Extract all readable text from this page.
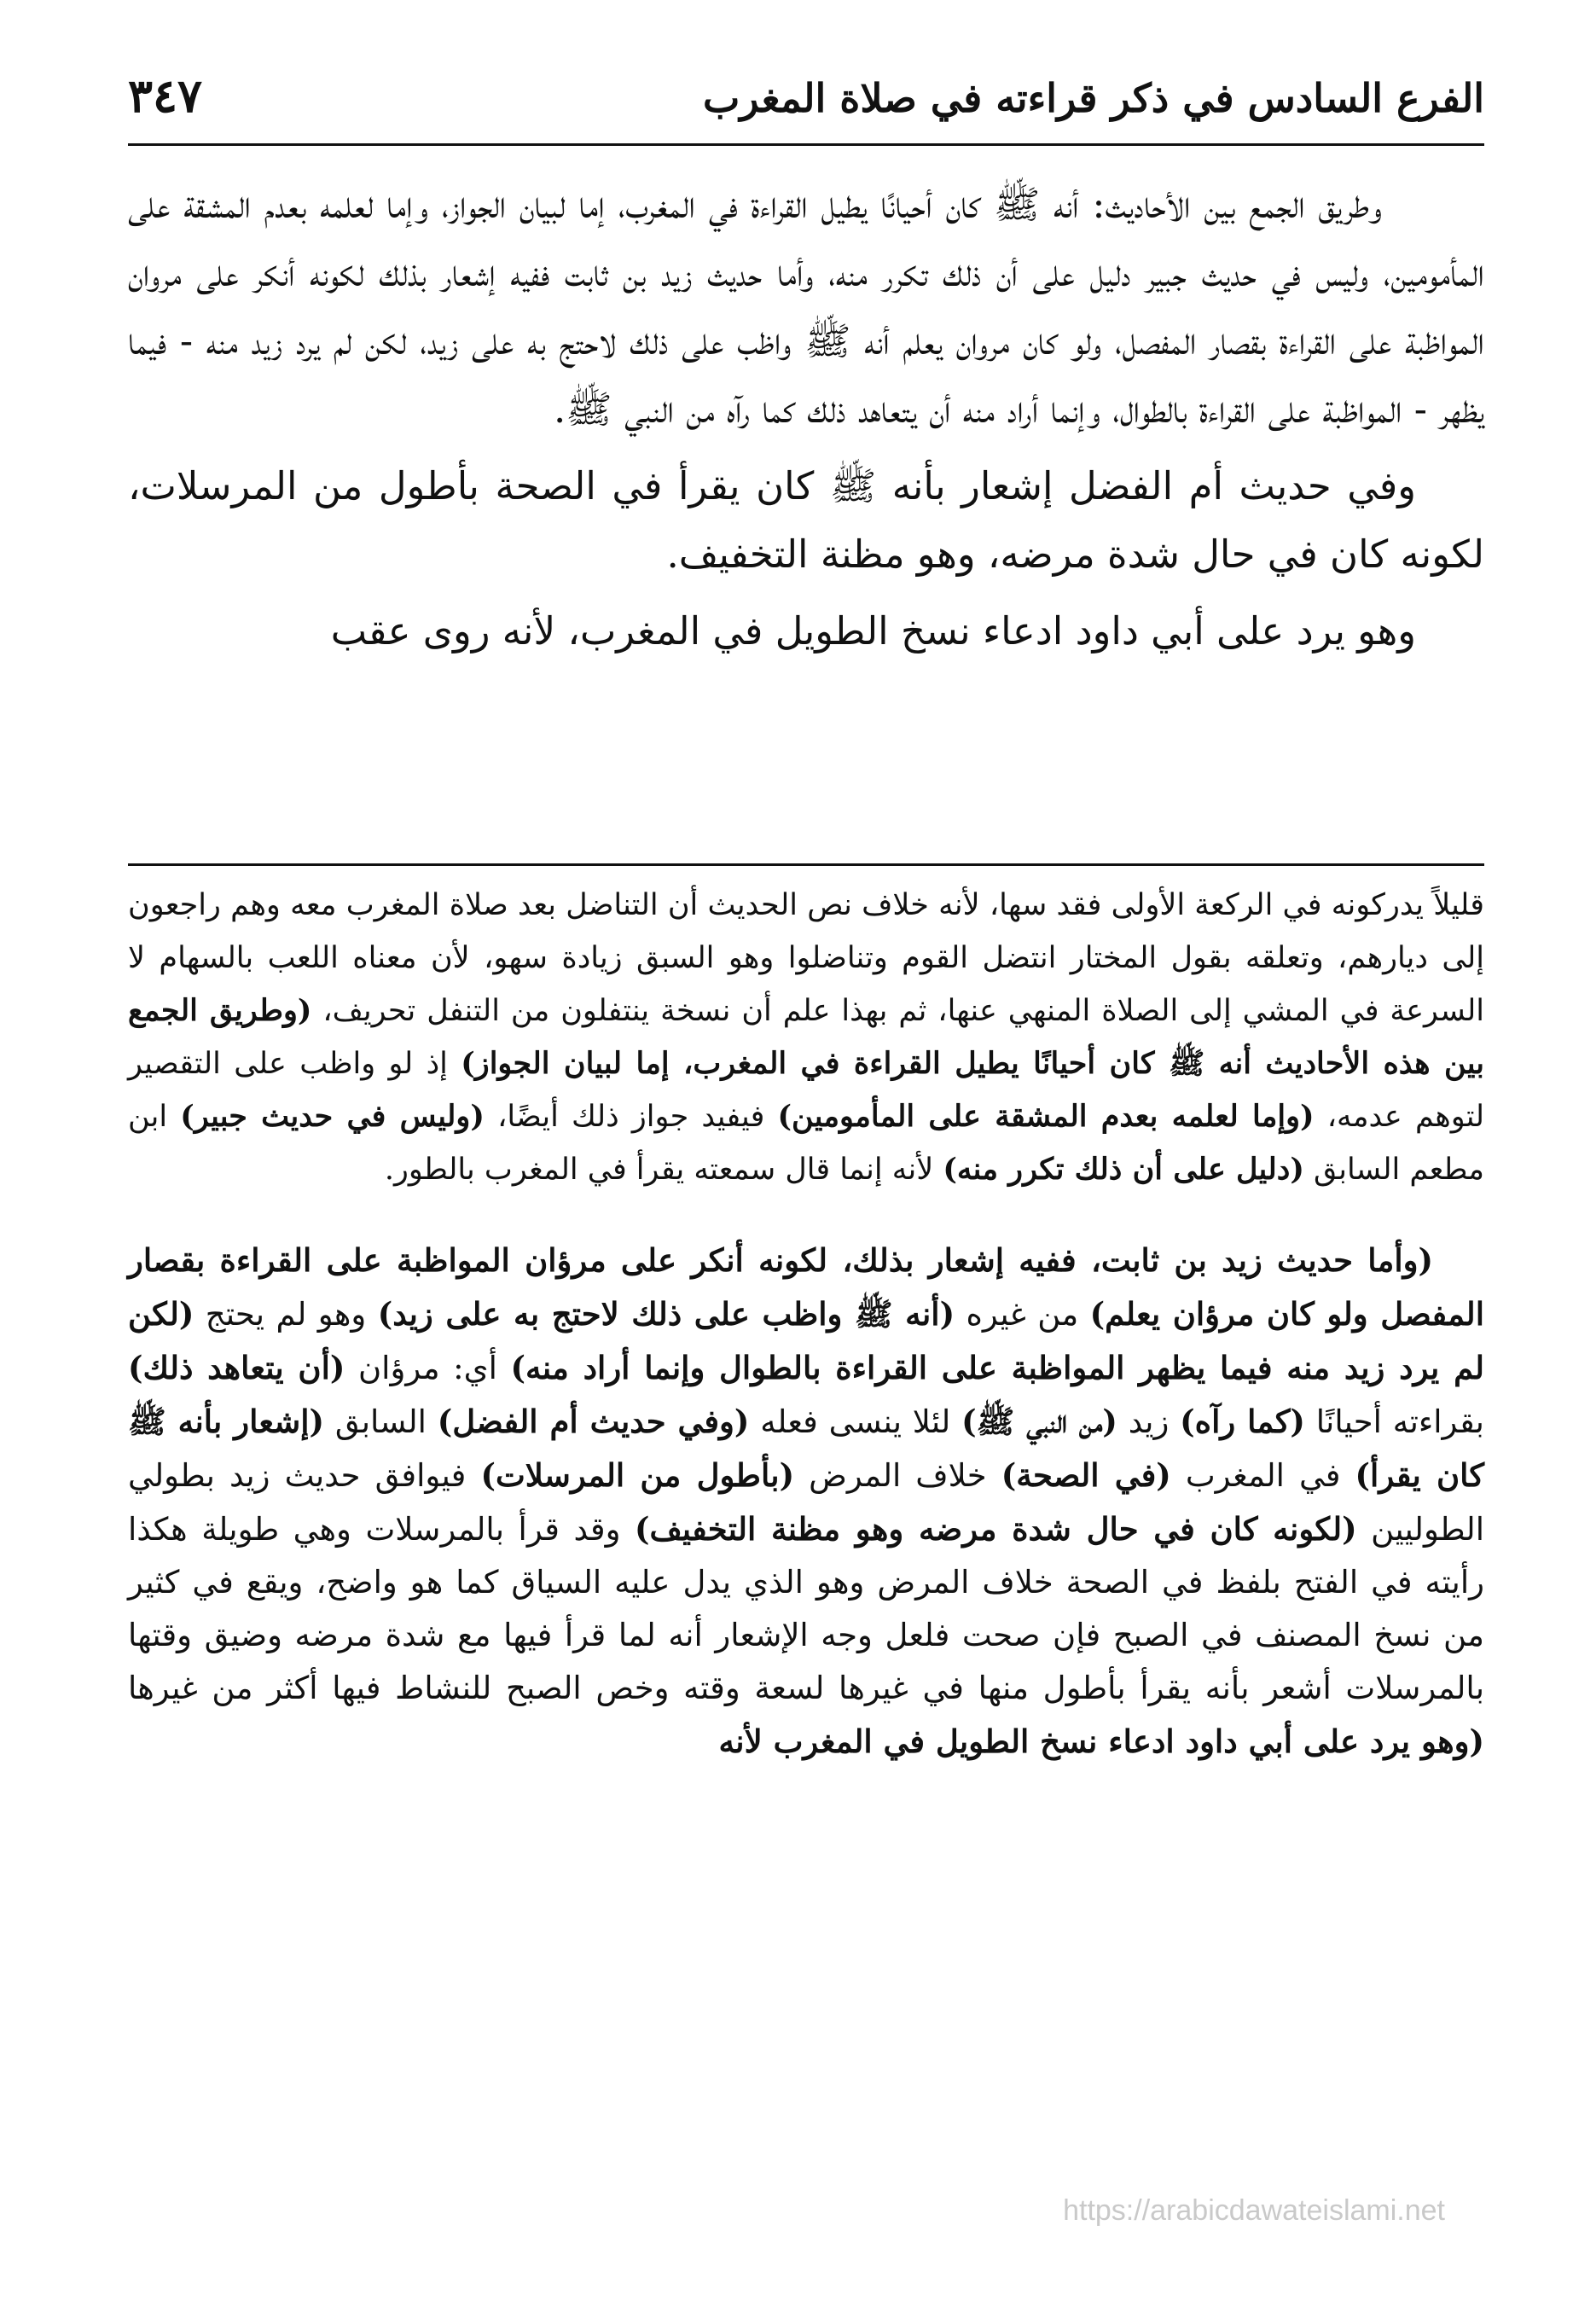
الفرع السادس في ذكر قراءته في صلاة المغرب
٣٤٧

وطريق الجمع بين الأحاديث: أنه ﷺ كان أحيانًا يطيل القراءة في المغرب، إما لبيان الجواز، وإما لعلمه بعدم المشقة على المأمومين، وليس في حديث جبير دليل على أن ذلك تكرر منه، وأما حديث زيد بن ثابت ففيه إشعار بذلك لكونه أنكر على مروان المواظبة على القراءة بقصار المفصل، ولو كان مروان يعلم أنه ﷺ واظب على ذلك لاحتج به على زيد، لكن لم يرد زيد منه - فيما يظهر - المواظبة على القراءة بالطوال، وإنما أراد منه أن يتعاهد ذلك كما رآه من النبي ﷺ.

وفي حديث أم الفضل إشعار بأنه ﷺ كان يقرأ في الصحة بأطول من المرسلات، لكونه كان في حال شدة مرضه، وهو مظنة التخفيف.

وهو يرد على أبي داود ادعاء نسخ الطويل في المغرب، لأنه روى عقب

قليلاً يدركونه في الركعة الأولى فقد سها، لأنه خلاف نص الحديث أن التناضل بعد صلاة المغرب معه وهم راجعون إلى ديارهم، وتعلقه بقول المختار انتضل القوم وتناضلوا وهو السبق زيادة سهو، لأن معناه اللعب بالسهام لا السرعة في المشي إلى الصلاة المنهي عنها، ثم بهذا علم أن نسخة ينتفلون من التنفل تحريف، (وطريق الجمع بين هذه الأحاديث أنه ﷺ كان أحيانًا يطيل القراءة في المغرب، إما لبيان الجواز) إذ لو واظب على التقصير لتوهم عدمه، (وإما لعلمه بعدم المشقة على المأمومين) فيفيد جواز ذلك أيضًا، (وليس في حديث جبير) ابن مطعم السابق (دليل على أن ذلك تكرر منه) لأنه إنما قال سمعته يقرأ في المغرب بالطور.

(وأما حديث زيد بن ثابت، ففيه إشعار بذلك، لكونه أنكر على مرؤان المواظبة على القراءة بقصار المفصل ولو كان مرؤان يعلم) من غيره (أنه ﷺ واظب على ذلك لاحتج به على زيد) وهو لم يحتج (لكن لم يرد زيد منه فيما يظهر المواظبة على القراءة بالطوال وإنما أراد منه) أي: مرؤان (أن يتعاهد ذلك) بقراءته أحيانًا (كما رآه) زيد (من النبي ﷺ) لئلا ينسى فعله (وفي حديث أم الفضل) السابق (إشعار بأنه ﷺ كان يقرأ) في المغرب (في الصحة) خلاف المرض (بأطول من المرسلات) فيوافق حديث زيد بطولي الطوليين (لكونه كان في حال شدة مرضه وهو مظنة التخفيف) وقد قرأ بالمرسلات وهي طويلة هكذا رأيته في الفتح بلفظ في الصحة خلاف المرض وهو الذي يدل عليه السياق كما هو واضح، ويقع في كثير من نسخ المصنف في الصبح فإن صحت فلعل وجه الإشعار أنه لما قرأ فيها مع شدة مرضه وضيق وقتها بالمرسلات أشعر بأنه يقرأ بأطول منها في غيرها لسعة وقته وخص الصبح للنشاط فيها أكثر من غيرها (وهو يرد على أبي داود ادعاء نسخ الطويل في المغرب لأنه

https://arabicdawateislami.net
